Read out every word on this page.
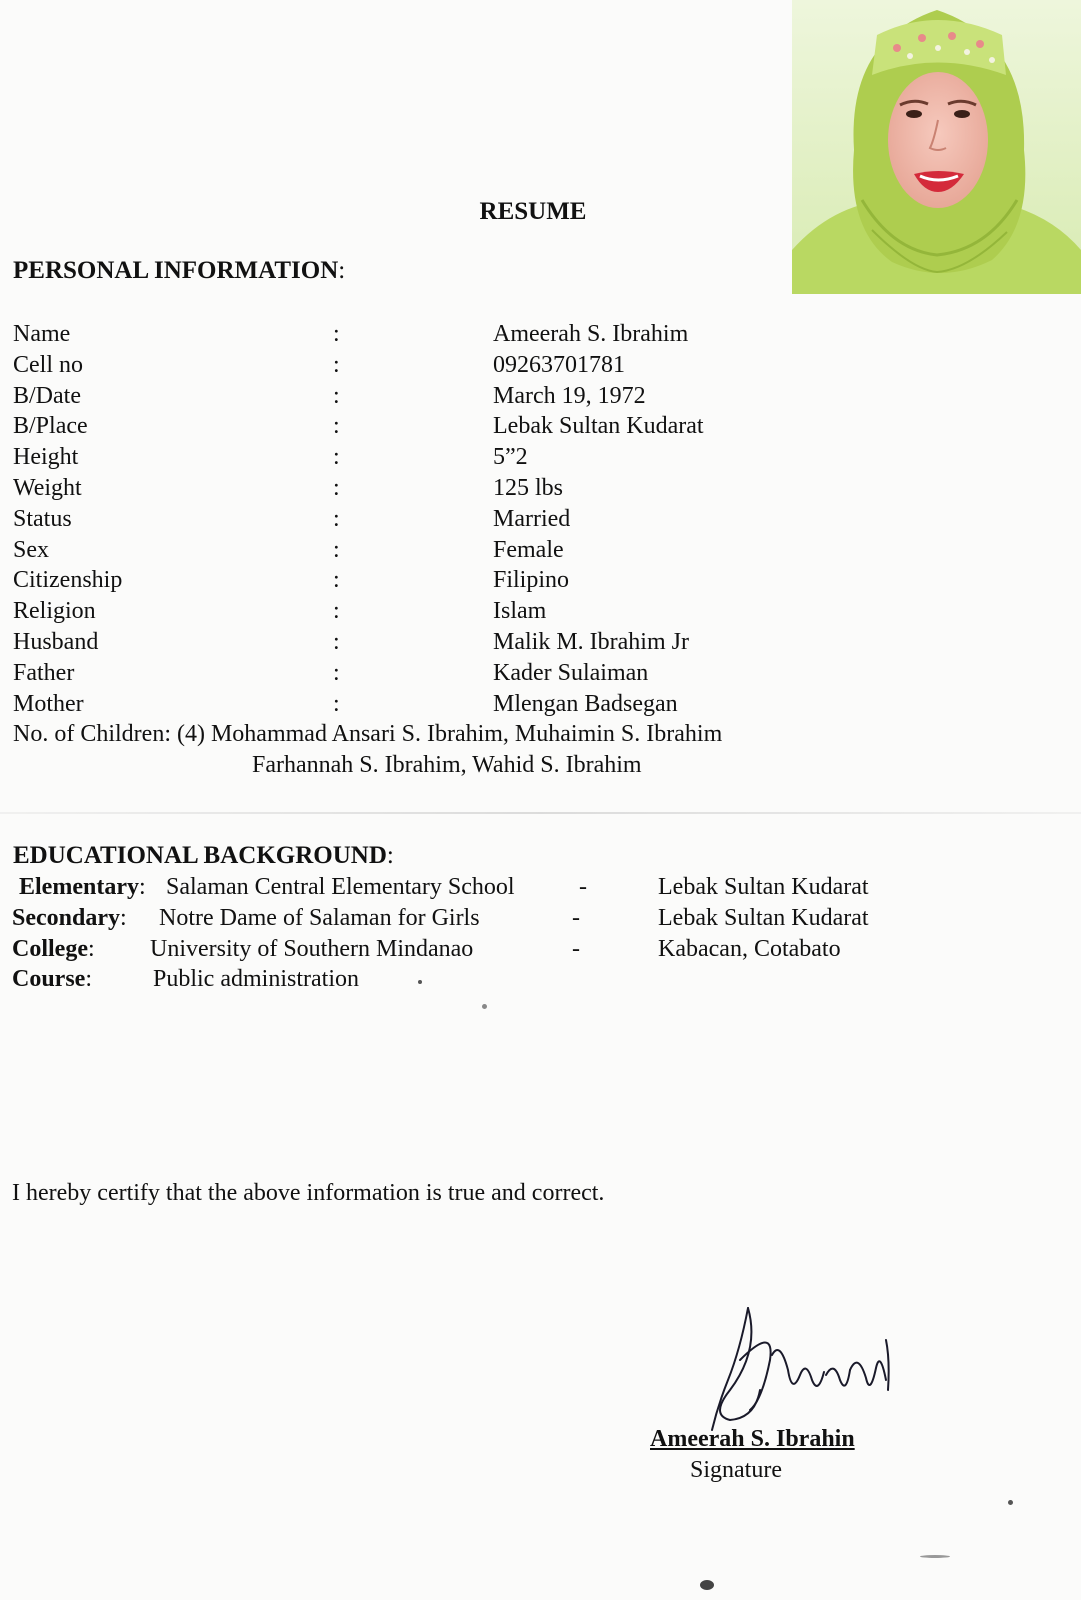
RESUME
PERSONAL INFORMATION:
Name	:	Ameerah S. Ibrahim
Cell no	:	09263701781
B/Date	:	March 19, 1972
B/Place	:	Lebak Sultan Kudarat
Height	:	5”2
Weight	:	125 lbs
Status	:	Married
Sex	:	Female
Citizenship	:	Filipino
Religion	:	Islam
Husband	:	Malik M. Ibrahim Jr
Father	:	Kader Sulaiman
Mother	:	Mlengan Badsegan
No. of Children: (4) Mohammad Ansari S. Ibrahim, Muhaimin S. Ibrahim
Farhannah S. Ibrahim, Wahid S. Ibrahim
EDUCATIONAL BACKGROUND:
Elementary: Salaman Central Elementary School	-	Lebak Sultan Kudarat
Secondary: Notre Dame of Salaman for Girls	-	Lebak Sultan Kudarat
College: University of Southern Mindanao	-	Kabacan, Cotabato
Course:	Public administration
I hereby certify that the above information is true and correct.
Ameerah S. Ibrahin
Signature
